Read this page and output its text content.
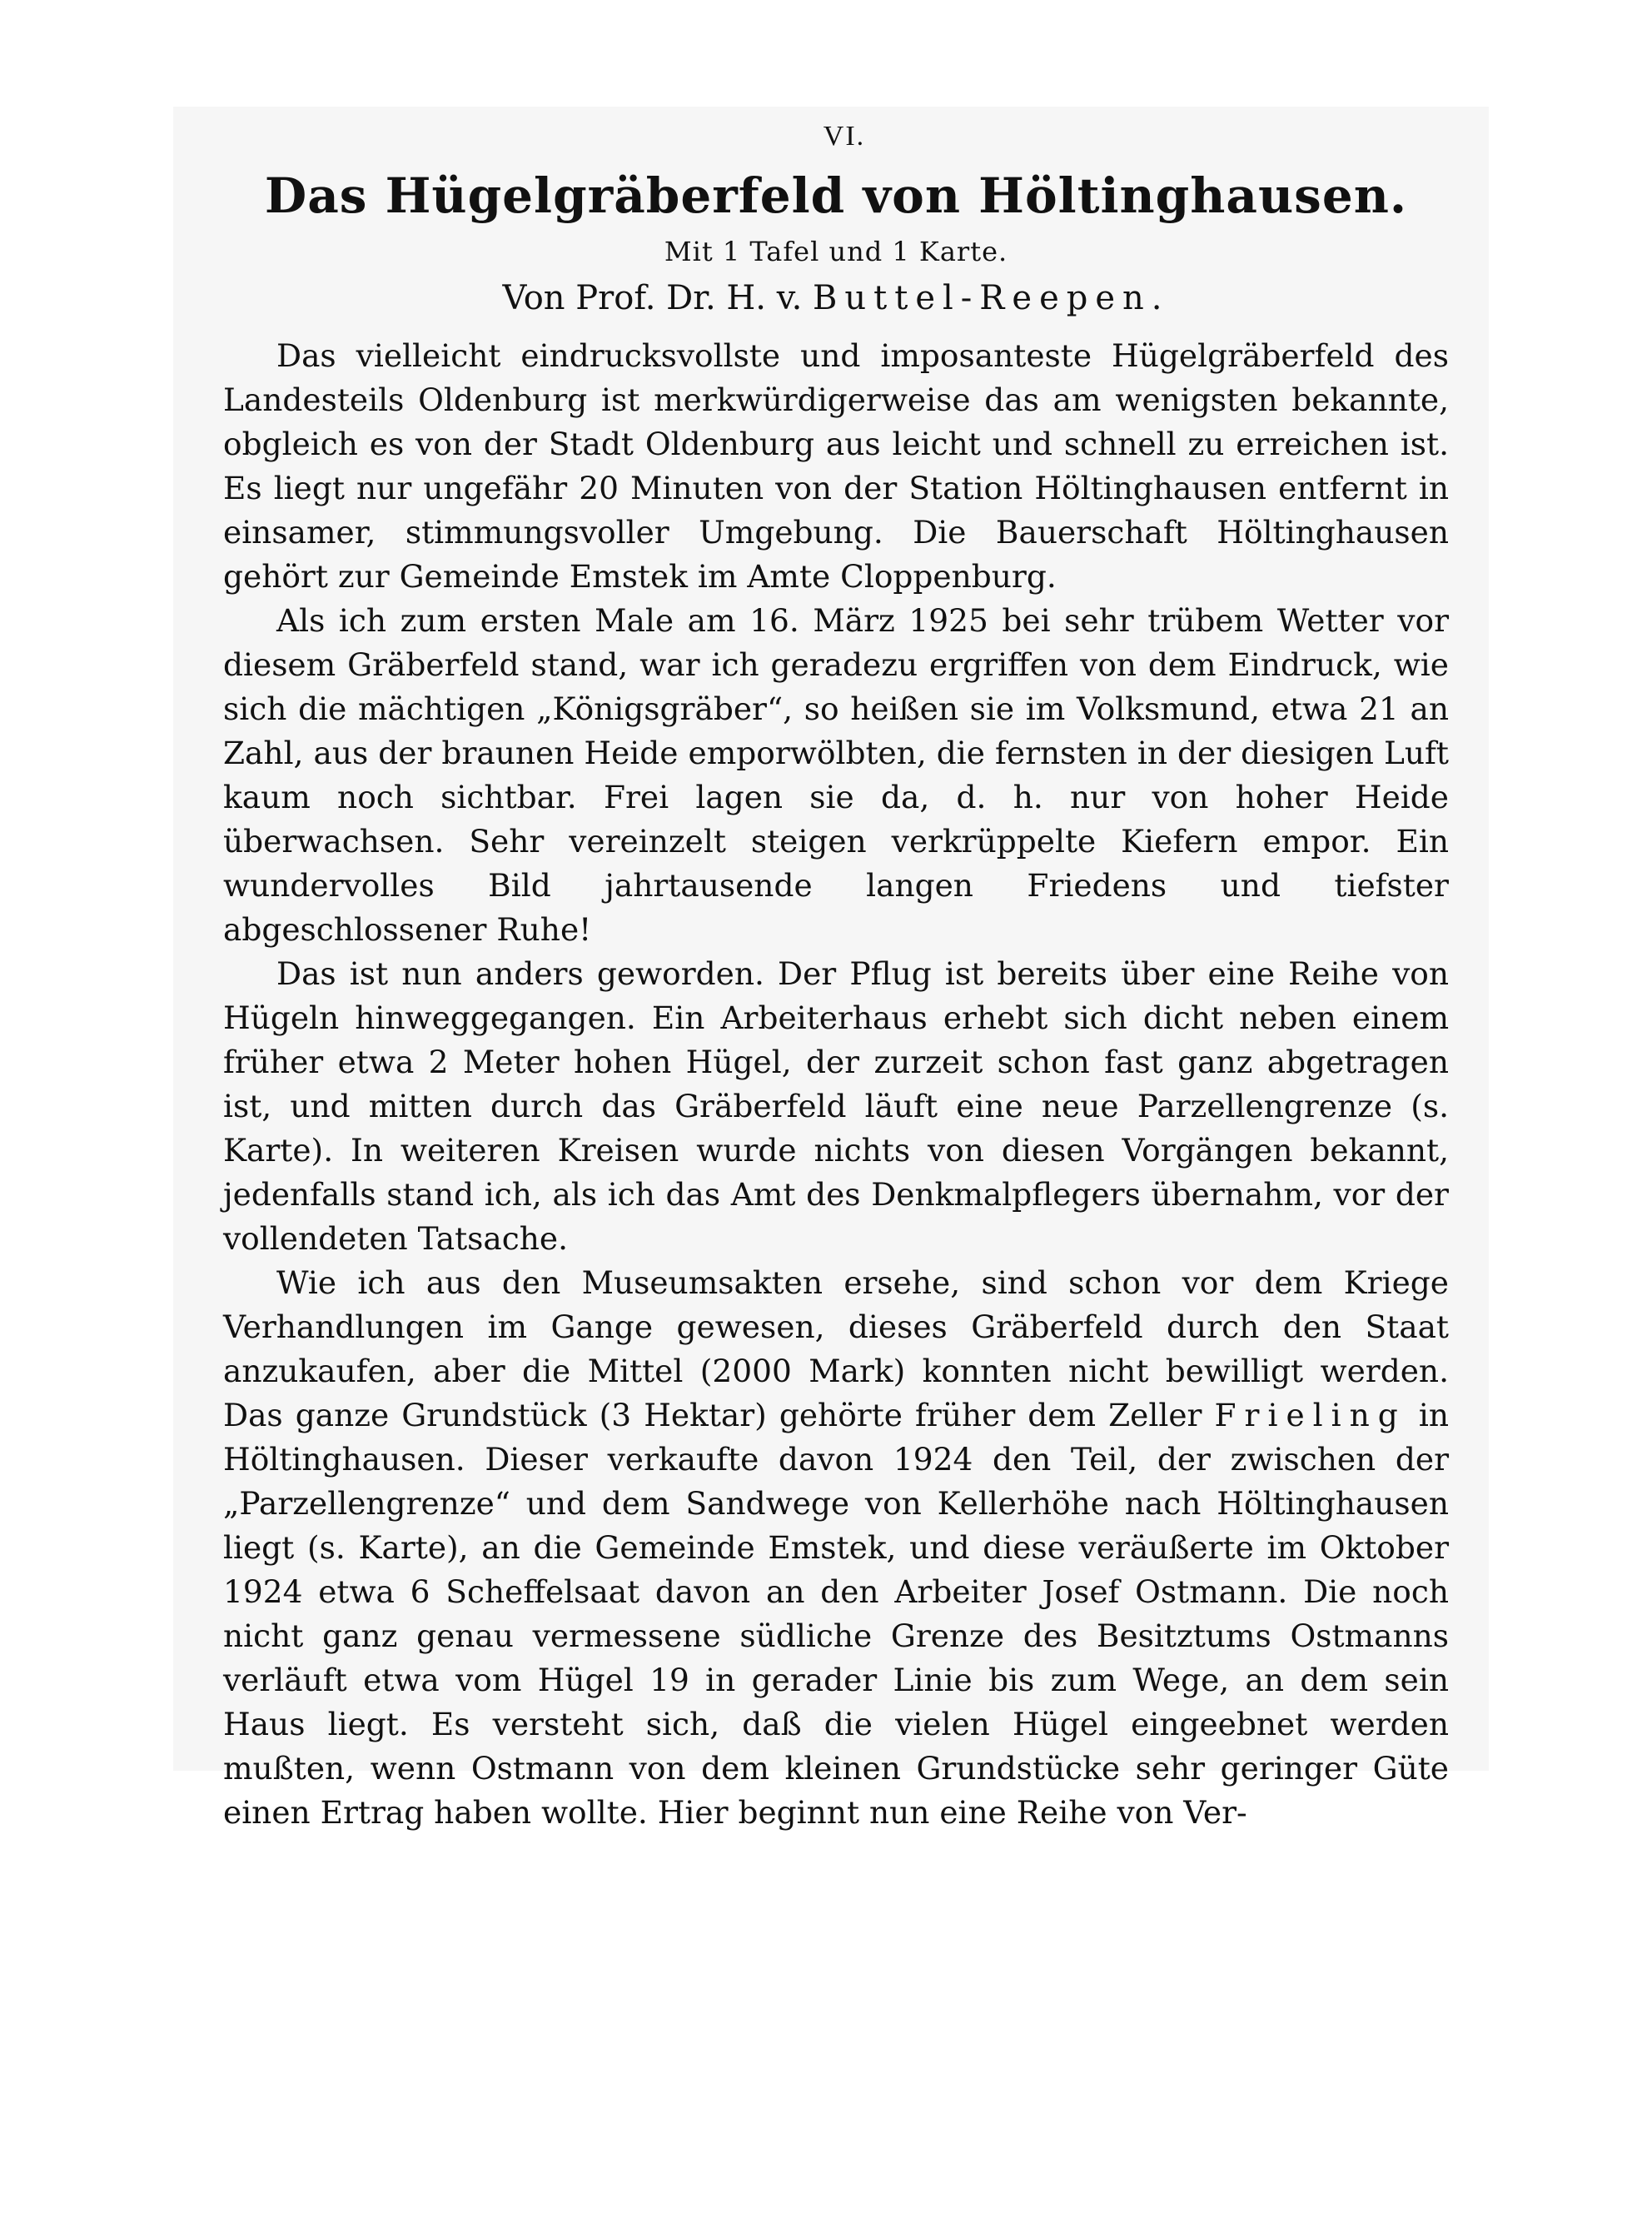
VI.
Das Hügelgräberfeld von Höltinghausen.
Mit 1 Tafel und 1 Karte.
Von Prof. Dr. H. v. Buttel-Reepen.

Das vielleicht eindrucksvollste und imposanteste Hügelgräberfeld des Landesteils Oldenburg ist merkwürdigerweise das am wenigsten bekannte, obgleich es von der Stadt Oldenburg aus leicht und schnell zu erreichen ist. Es liegt nur ungefähr 20 Minuten von der Station Höltinghausen entfernt in einsamer, stimmungsvoller Umgebung. Die Bauerschaft Höltinghausen gehört zur Gemeinde Emstek im Amte Cloppenburg.

Als ich zum ersten Male am 16. März 1925 bei sehr trübem Wetter vor diesem Gräberfeld stand, war ich geradezu ergriffen von dem Eindruck, wie sich die mächtigen „Königsgräber“, so heißen sie im Volksmund, etwa 21 an Zahl, aus der braunen Heide emporwölbten, die fernsten in der diesigen Luft kaum noch sichtbar. Frei lagen sie da, d. h. nur von hoher Heide überwachsen. Sehr vereinzelt steigen verkrüppelte Kiefern empor. Ein wundervolles Bild jahrtausende langen Friedens und tiefster abgeschlossener Ruhe!

Das ist nun anders geworden. Der Pflug ist bereits über eine Reihe von Hügeln hinweggegangen. Ein Arbeiterhaus erhebt sich dicht neben einem früher etwa 2 Meter hohen Hügel, der zurzeit schon fast ganz abgetragen ist, und mitten durch das Gräberfeld läuft eine neue Parzellengrenze (s. Karte). In weiteren Kreisen wurde nichts von diesen Vorgängen bekannt, jedenfalls stand ich, als ich das Amt des Denkmalpflegers übernahm, vor der vollendeten Tatsache.

Wie ich aus den Museumsakten ersehe, sind schon vor dem Kriege Verhandlungen im Gange gewesen, dieses Gräberfeld durch den Staat anzukaufen, aber die Mittel (2000 Mark) konnten nicht bewilligt werden. Das ganze Grundstück (3 Hektar) gehörte früher dem Zeller Frieling in Höltinghausen. Dieser verkaufte davon 1924 den Teil, der zwischen der „Parzellengrenze“ und dem Sandwege von Kellerhöhe nach Höltinghausen liegt (s. Karte), an die Gemeinde Emstek, und diese veräußerte im Oktober 1924 etwa 6 Scheffelsaat davon an den Arbeiter Josef Ostmann. Die noch nicht ganz genau vermessene südliche Grenze des Besitztums Ostmanns verläuft etwa vom Hügel 19 in gerader Linie bis zum Wege, an dem sein Haus liegt. Es versteht sich, daß die vielen Hügel eingeebnet werden mußten, wenn Ostmann von dem kleinen Grundstücke sehr geringer Güte einen Ertrag haben wollte. Hier beginnt nun eine Reihe von Ver-
